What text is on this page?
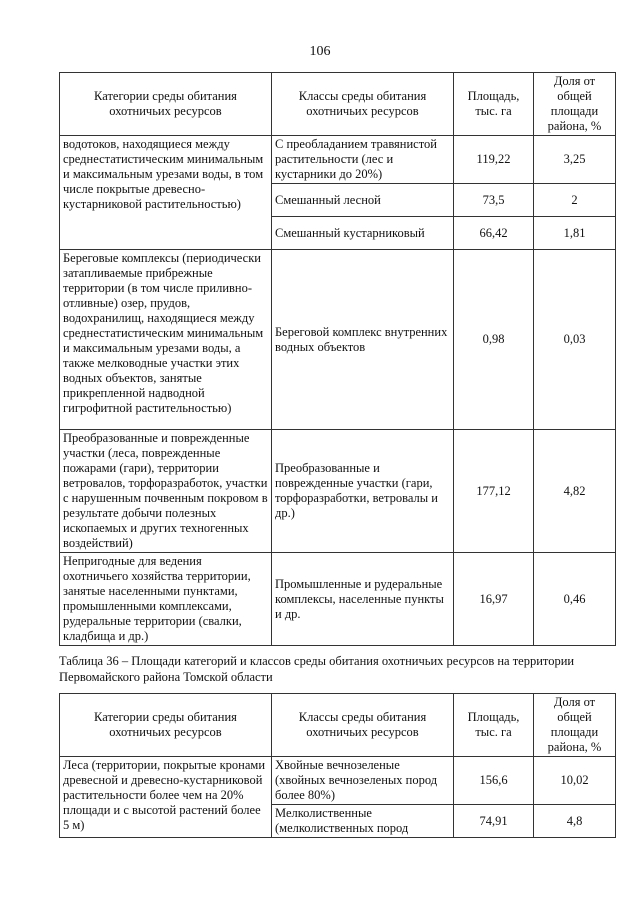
106
Категории среды обитания охотничьих ресурсов	Классы среды обитания охотничьих ресурсов	Площадь, тыс. га	Доля от общей площади района, %
водотоков, находящиеся между среднестатистическим минимальным и максимальным урезами воды, в том числе покрытые древесно-кустарниковой растительностью)	С преобладанием травянистой растительности (лес и кустарники до 20%)	119,22	3,25
	Смешанный лесной	73,5	2
	Смешанный кустарниковый	66,42	1,81
Береговые комплексы (периодически затапливаемые прибрежные территории (в том числе приливно-отливные) озер, прудов, водохранилищ, находящиеся между среднестатистическим минимальным и максимальным урезами воды, а также мелководные участки этих водных объектов, занятые прикрепленной надводной гигрофитной растительностью)	Береговой комплекс внутренних водных объектов	0,98	0,03
Преобразованные и поврежденные участки (леса, поврежденные пожарами (гари), территории ветровалов, торфоразработок, участки с нарушенным почвенным покровом в результате добычи полезных ископаемых и других техногенных воздействий)	Преобразованные и поврежденные участки (гари, торфоразработки, ветровалы и др.)	177,12	4,82
Непригодные для ведения охотничьего хозяйства территории, занятые населенными пунктами, промышленными комплексами, рудеральные территории (свалки, кладбища и др.)	Промышленные и рудеральные комплексы, населенные пункты и др.	16,97	0,46
Таблица 36 – Площади категорий и классов среды обитания охотничьих ресурсов на территории Первомайского района Томской области
Категории среды обитания охотничьих ресурсов	Классы среды обитания охотничьих ресурсов	Площадь, тыс. га	Доля от общей площади района, %
Леса (территории, покрытые кронами древесной и древесно-кустарниковой растительности более чем на 20% площади и с высотой растений более 5 м)	Хвойные вечнозеленые (хвойных вечнозеленых пород более 80%)	156,6	10,02
	Мелколиственные (мелколиственных пород	74,91	4,8
